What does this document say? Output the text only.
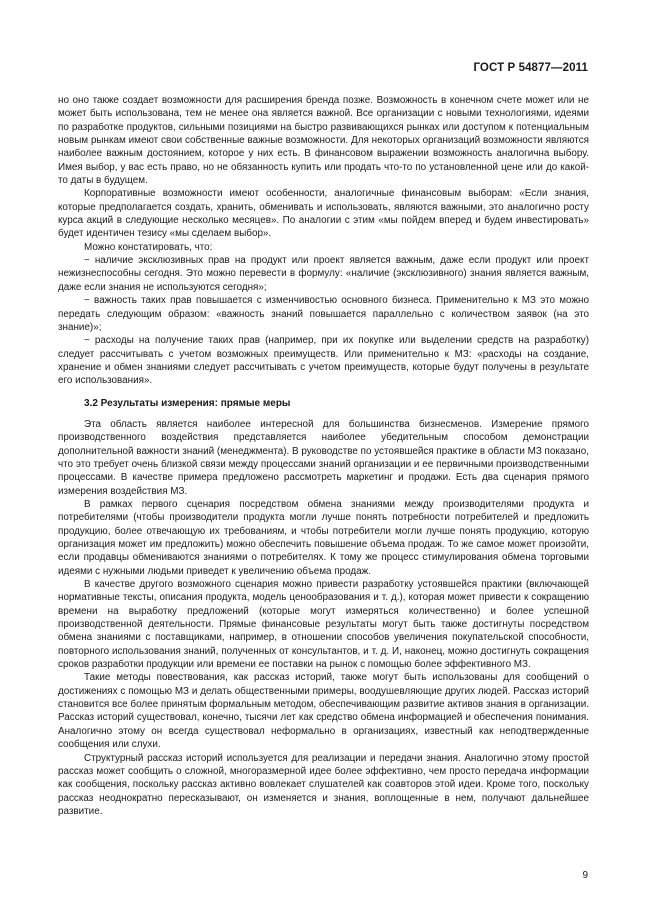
ГОСТ Р 54877—2011

но оно также создает возможности для расширения бренда позже. Возможность в конечном счете может или не может быть использована, тем не менее она является важной. Все организации с новыми технологиями, идеями по разработке продуктов, сильными позициями на быстро развивающихся рынках или доступом к потенциальным новым рынкам имеют свои собственные важные возможности. Для некоторых организаций возможности являются наиболее важным достоянием, которое у них есть. В финансовом выражении возможность аналогична выбору. Имея выбор, у вас есть право, но не обязанность купить или продать что-то по установленной цене или до какой-то даты в будущем.

Корпоративные возможности имеют особенности, аналогичные финансовым выборам: «Если знания, которые предполагается создать, хранить, обменивать и использовать, являются важными, это аналогично росту курса акций в следующие несколько месяцев». По аналогии с этим «мы пойдем вперед и будем инвестировать» будет идентичен тезису «мы сделаем выбор».

Можно констатировать, что:

− наличие эксклюзивных прав на продукт или проект является важным, даже если продукт или проект нежизнеспособны сегодня. Это можно перевести в формулу: «наличие (эксклюзивного) знания является важным, даже если знания не используются сегодня»;

− важность таких прав повышается с изменчивостью основного бизнеса. Применительно к МЗ это можно передать следующим образом: «важность знаний повышается параллельно с количеством заявок (на это знание)»;

− расходы на получение таких прав (например, при их покупке или выделении средств на разработку) следует рассчитывать с учетом возможных преимуществ. Или применительно к МЗ: «расходы на создание, хранение и обмен знаниями следует рассчитывать с учетом преимуществ, которые будут получены в результате его использования».

3.2 Результаты измерения: прямые меры

Эта область является наиболее интересной для большинства бизнесменов. Измерение прямого производственного воздействия представляется наиболее убедительным способом демонстрации дополнительной важности знаний (менеджмента). В руководстве по устоявшейся практике в области МЗ показано, что это требует очень близкой связи между процессами знаний организации и ее первичными производственными процессами. В качестве примера предложено рассмотреть маркетинг и продажи. Есть два сценария прямого измерения воздействия МЗ.

В рамках первого сценария посредством обмена знаниями между производителями продукта и потребителями (чтобы производители продукта могли лучше понять потребности потребителей и предложить продукцию, более отвечающую их требованиям, и чтобы потребители могли лучше понять продукцию, которую организация может им предложить) можно обеспечить повышение объема продаж. То же самое может произойти, если продавцы обмениваются знаниями о потребителях. К тому же процесс стимулирования обмена торговыми идеями с нужными людьми приведет к увеличению объема продаж.

В качестве другого возможного сценария можно привести разработку устоявшейся практики (включающей нормативные тексты, описания продукта, модель ценообразования и т. д.), которая может привести к сокращению времени на выработку предложений (которые могут измеряться количественно) и более успешной производственной деятельности. Прямые финансовые результаты могут быть также достигнуты посредством обмена знаниями с поставщиками, например, в отношении способов увеличения покупательской способности, повторного использования знаний, полученных от консультантов, и т. д. И, наконец, можно достигнуть сокращения сроков разработки продукции или времени ее поставки на рынок с помощью более эффективного МЗ.

Такие методы повествования, как рассказ историй, также могут быть использованы для сообщений о достижениях с помощью МЗ и делать общественными примеры, воодушевляющие других людей. Рассказ историй становится все более принятым формальным методом, обеспечивающим развитие активов знания в организации. Рассказ историй существовал, конечно, тысячи лет как средство обмена информацией и обеспечения понимания. Аналогично этому он всегда существовал неформально в организациях, известный как неподтвержденные сообщения или слухи.

Структурный рассказ историй используется для реализации и передачи знания. Аналогично этому простой рассказ может сообщить о сложной, многоразмерной идее более эффективно, чем просто передача информации как сообщения, поскольку рассказ активно вовлекает слушателей как соавторов этой идеи. Кроме того, поскольку рассказ неоднократно пересказывают, он изменяется и знания, воплощенные в нем, получают дальнейшее развитие.

9
